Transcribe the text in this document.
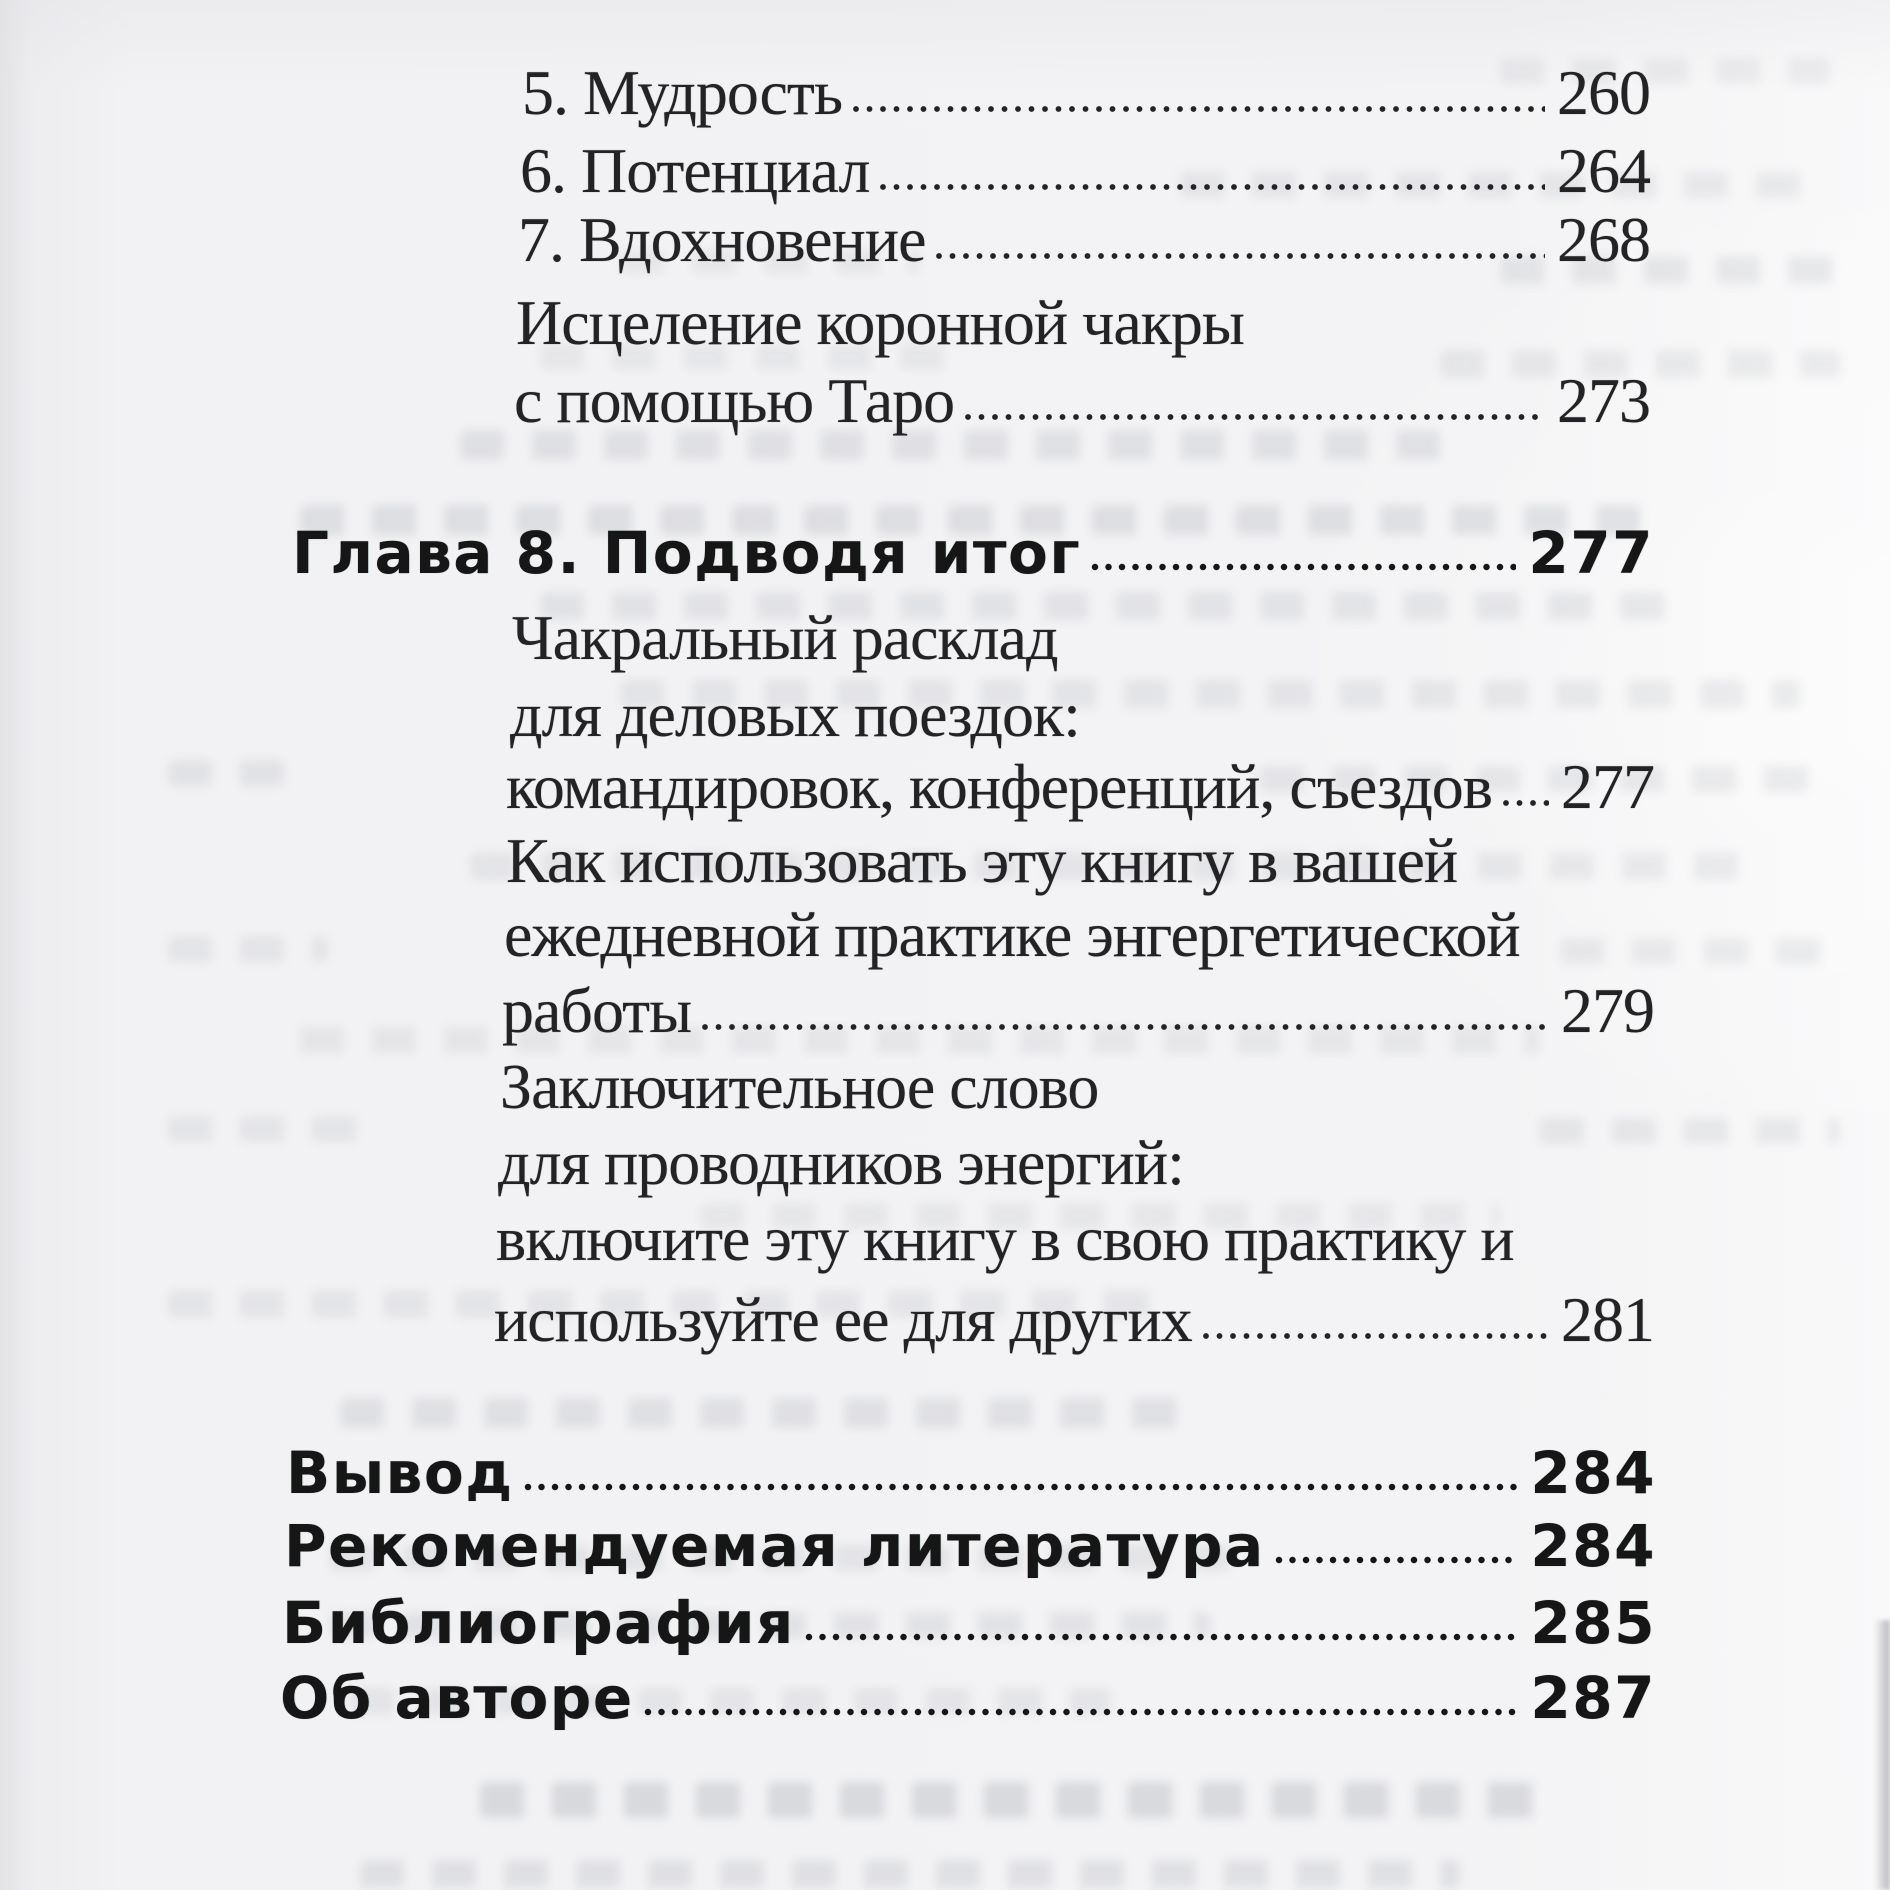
5. Мудрость	260
6. Потенциал	264
7. Вдохновение	268
Исцеление коронной чакры
с помощью Таро	273
Глава 8. Подводя итог	277
Чакральный расклад
для деловых поездок:
командировок, конференций, съездов 277
Как использовать эту книгу в вашей
ежедневной практике энгергетической
работы	279
Заключительное слово
для проводников энергий:
включите эту книгу в свою практику и
используйте ее для других	281
Вывод	284
Рекомендуемая литература	284
Библиография	285
Об авторе	287
